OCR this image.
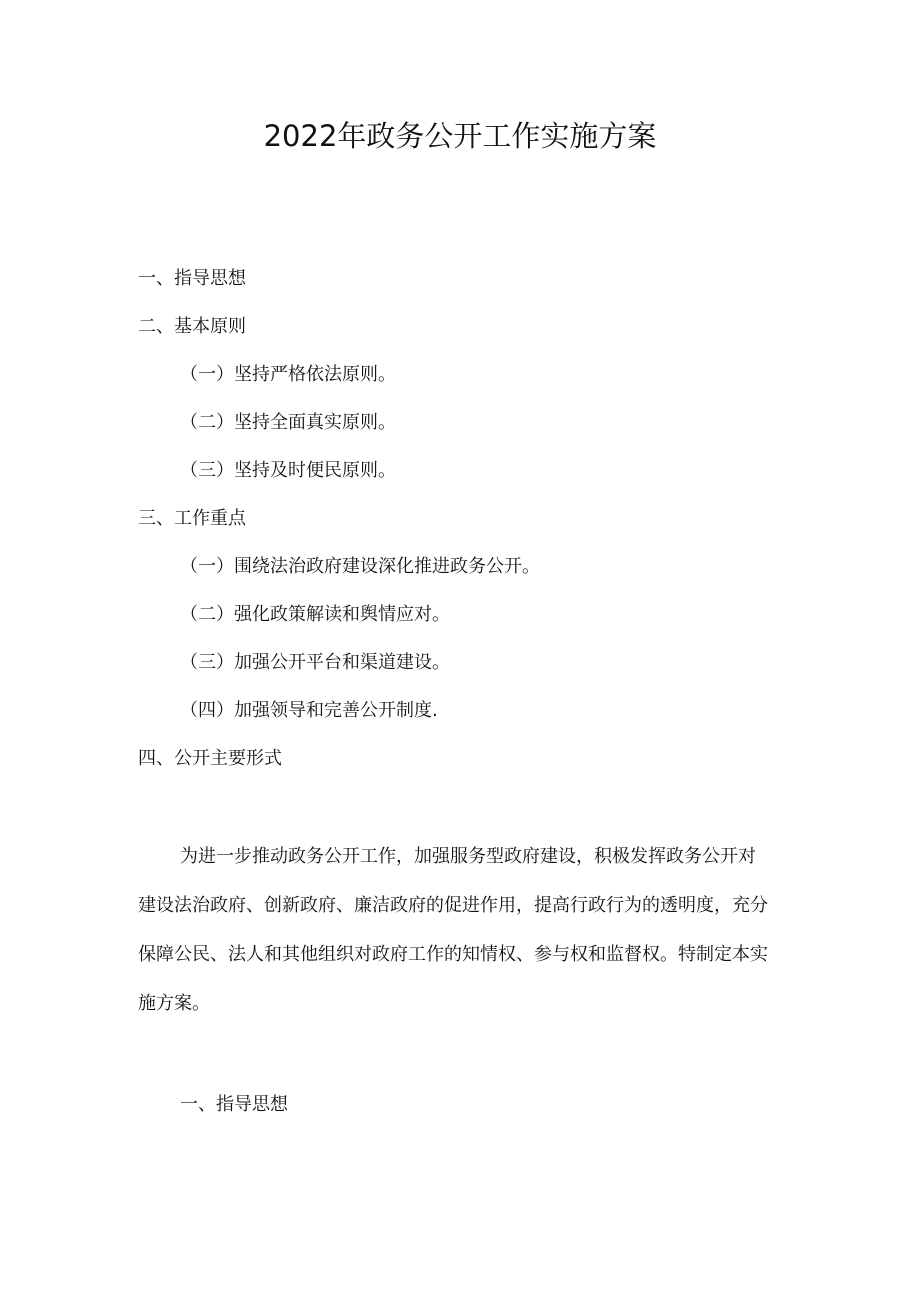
2022年政务公开工作实施方案
一、指导思想
二、基本原则
（一）坚持严格依法原则。
（二）坚持全面真实原则。
（三）坚持及时便民原则。
三、工作重点
（一）围绕法治政府建设深化推进政务公开。
（二）强化政策解读和舆情应对。
（三）加强公开平台和渠道建设。
（四）加强领导和完善公开制度.
四、公开主要形式
为进一步推动政务公开工作，加强服务型政府建设，积极发挥政务公开对
建设法治政府、创新政府、廉洁政府的促进作用，提高行政行为的透明度，充分
保障公民、法人和其他组织对政府工作的知情权、参与权和监督权。特制定本实
施方案。
一、指导思想
